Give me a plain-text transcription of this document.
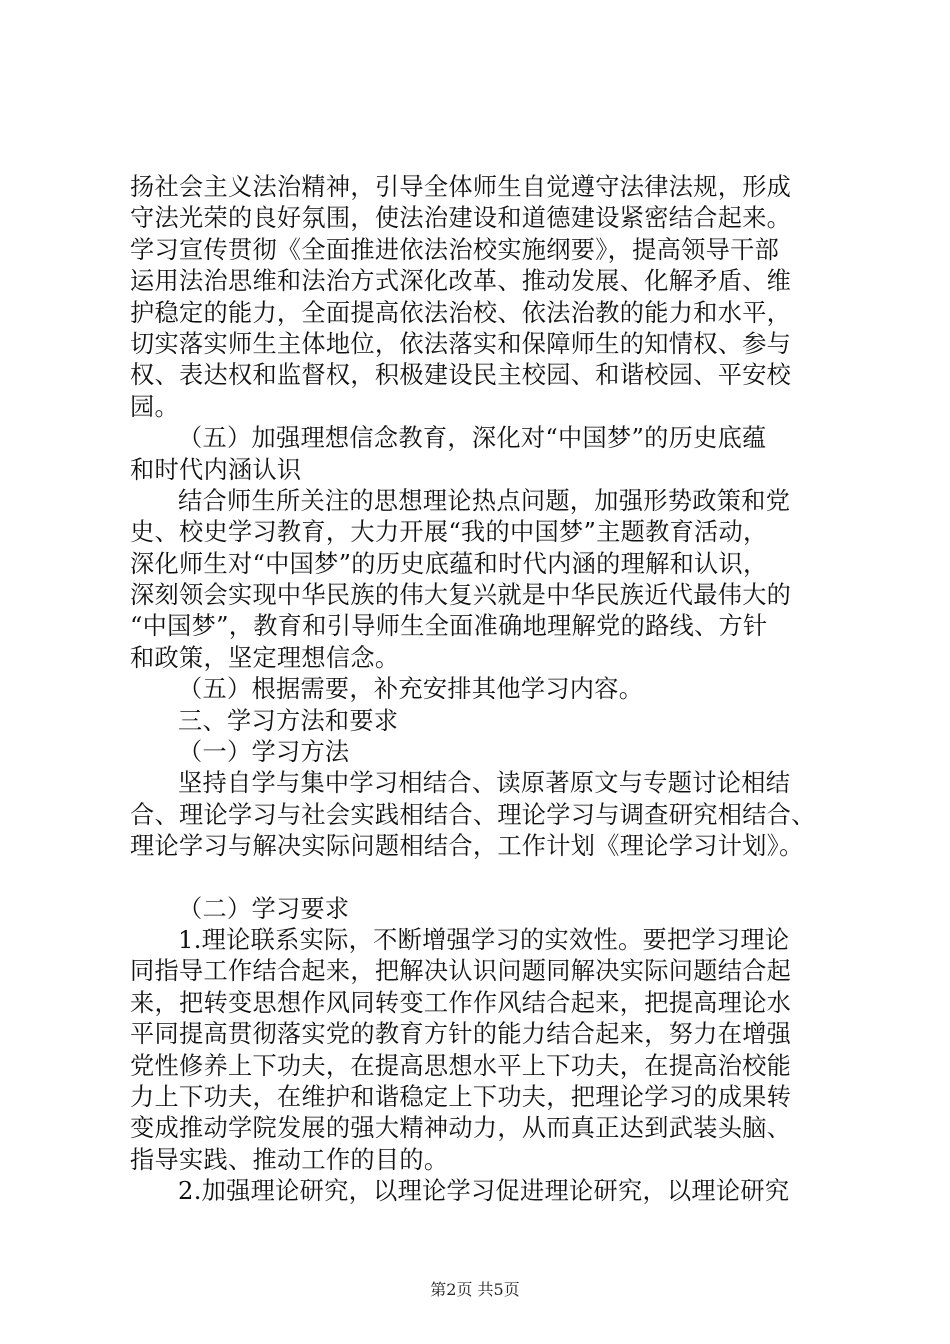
扬社会主义法治精神，引导全体师生自觉遵守法律法规，形成
守法光荣的良好氛围，使法治建设和道德建设紧密结合起来。
学习宣传贯彻《全面推进依法治校实施纲要》，提高领导干部
运用法治思维和法治方式深化改革、推动发展、化解矛盾、维
护稳定的能力，全面提高依法治校、依法治教的能力和水平，
切实落实师生主体地位，依法落实和保障师生的知情权、参与
权、表达权和监督权，积极建设民主校园、和谐校园、平安校
园。
（五）加强理想信念教育，深化对“中国梦”的历史底蕴
和时代内涵认识
结合师生所关注的思想理论热点问题，加强形势政策和党
史、校史学习教育，大力开展“我的中国梦”主题教育活动，
深化师生对“中国梦”的历史底蕴和时代内涵的理解和认识，
深刻领会实现中华民族的伟大复兴就是中华民族近代最伟大的
“中国梦”，教育和引导师生全面准确地理解党的路线、方针
和政策，坚定理想信念。
（五）根据需要，补充安排其他学习内容。
三、学习方法和要求
（一）学习方法
坚持自学与集中学习相结合、读原著原文与专题讨论相结
合、理论学习与社会实践相结合、理论学习与调查研究相结合、
理论学习与解决实际问题相结合，工作计划《理论学习计划》。
（二）学习要求
1.理论联系实际，不断增强学习的实效性。要把学习理论
同指导工作结合起来，把解决认识问题同解决实际问题结合起
来，把转变思想作风同转变工作作风结合起来，把提高理论水
平同提高贯彻落实党的教育方针的能力结合起来，努力在增强
党性修养上下功夫，在提高思想水平上下功夫，在提高治校能
力上下功夫，在维护和谐稳定上下功夫，把理论学习的成果转
变成推动学院发展的强大精神动力，从而真正达到武装头脑、
指导实践、推动工作的目的。
2.加强理论研究，以理论学习促进理论研究，以理论研究
第2页 共5页
